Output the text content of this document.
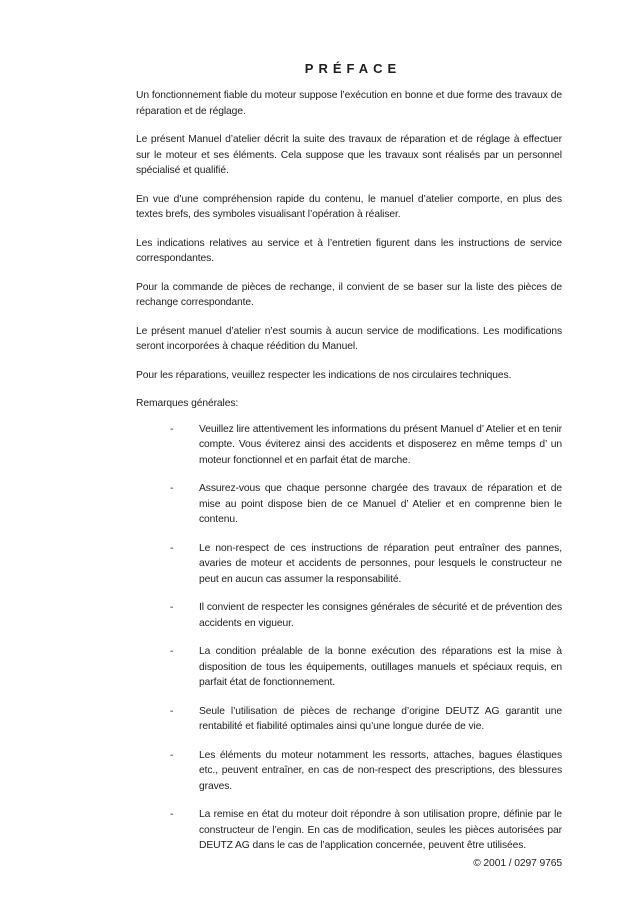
PRÉFACE

Un fonctionnement fiable du moteur suppose l’exécution en bonne et due forme des travaux de réparation et de réglage.

Le présent Manuel d’atelier décrit la suite des travaux de réparation et de réglage à effectuer sur le moteur et ses éléments. Cela suppose que les travaux sont réalisés par un personnel spécialisé et qualifié.

En vue d’une compréhension rapide du contenu, le manuel d’atelier comporte, en plus des textes brefs, des symboles visualisant l’opération à réaliser.

Les indications relatives au service et à l’entretien figurent dans les instructions de service correspondantes.

Pour la commande de pièces de rechange, il convient de se baser sur la liste des pièces de rechange correspondante.

Le présent manuel d’atelier n’est soumis à aucun service de modifications. Les modifications seront incorporées à chaque réédition du Manuel.

Pour les réparations, veuillez respecter les indications de nos circulaires techniques.

Remarques générales:

- Veuillez lire attentivement les informations du présent Manuel d’ Atelier et en tenir compte. Vous éviterez ainsi des accidents et disposerez en même temps d’ un moteur fonctionnel et en parfait état de marche.
- Assurez-vous que chaque personne chargée des travaux de réparation et de mise au point dispose bien de ce Manuel d’ Atelier et en comprenne bien le contenu.
- Le non-respect de ces instructions de réparation peut entraîner des pannes, avaries de moteur et accidents de personnes, pour lesquels le constructeur ne peut en aucun cas assumer la responsabilité.
- Il convient de respecter les consignes générales de sécurité et de prévention des accidents en vigueur.
- La condition préalable de la bonne exécution des réparations est la mise à disposition de tous les équipements, outillages manuels et spéciaux requis, en parfait état de fonctionnement.
- Seule l’utilisation de pièces de rechange d’origine DEUTZ AG garantit une rentabilité et fiabilité optimales ainsi qu’une longue durée de vie.
- Les éléments du moteur notamment les ressorts, attaches, bagues élastiques etc., peuvent entraîner, en cas de non-respect des prescriptions, des blessures graves.
- La remise en état du moteur doit répondre à son utilisation propre, définie par le constructeur de l’engin. En cas de modification, seules les pièces autorisées par DEUTZ AG dans le cas de l’application concernée, peuvent être utilisées.
© 2001 / 0297 9765
